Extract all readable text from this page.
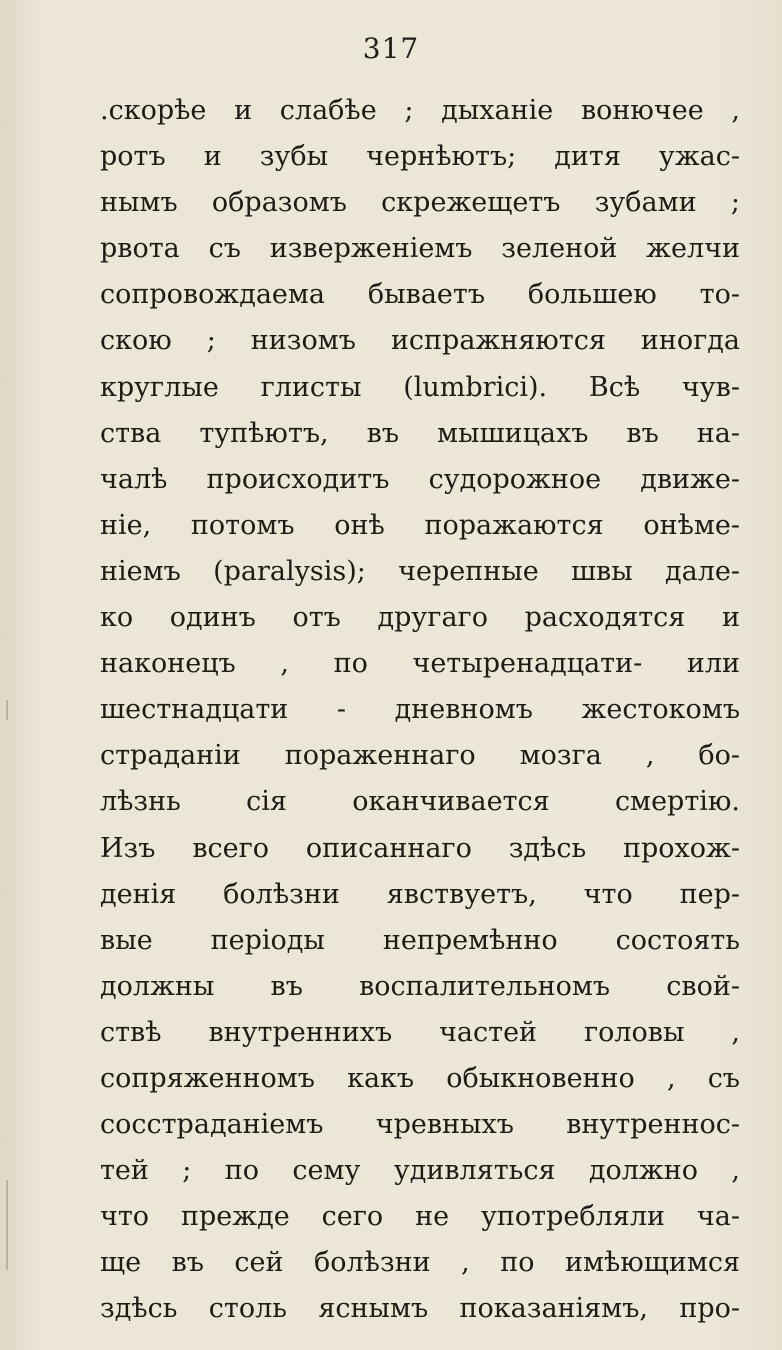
317
.скорѣе и слабѣе ; дыханіе вонючее ,
ротъ и зубы чернѣютъ; дитя ужас-
нымъ образомъ скрежещетъ зубами ;
рвота съ изверженіемъ зеленой желчи
сопровождаема бываетъ большею то-
скою ; низомъ испражняются иногда
круглые глисты (lumbrici). Всѣ чув-
ства тупѣютъ, въ мышицахъ въ на-
чалѣ происходитъ судорожное движе-
ніе, потомъ онѣ поражаются онѣме-
ніемъ (paralysis); черепные швы дале-
ко одинъ отъ другаго расходятся и
наконецъ , по четыренадцати- или
шестнадцати - дневномъ жестокомъ
страданіи пораженнаго мозга , бо-
лѣзнь сія оканчивается смертію.
Изъ всего описаннаго здѣсь прохож-
денія болѣзни явствуетъ, что пер-
вые періоды непремѣнно состоять
должны въ воспалительномъ свой-
ствѣ внутреннихъ частей головы ,
сопряженномъ какъ обыкновенно , съ
сосстраданіемъ чревныхъ внутреннос-
тей ; по сему удивляться должно ,
что прежде сего не употребляли ча-
ще въ сей болѣзни , по имѣющимся
здѣсь столь яснымъ показаніямъ, про-
